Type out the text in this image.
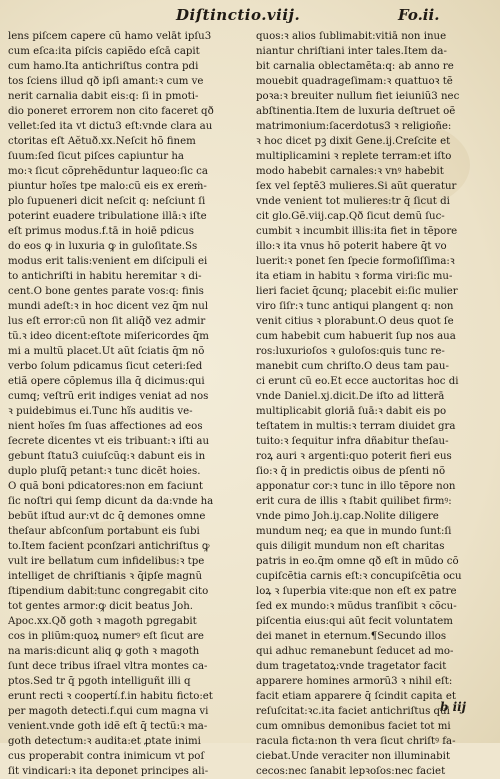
Diſtinctio.viij.	Fo.ii.
lens piſcem capere cũ hamo velāt ipſu3
cum eſca:ita piſcis capiẽdo eſcā capit
cum hamo.Ita antichriſtus contra pdi
tos ſciens illud qð ipſi amant:ꝛ cum ve
nerit carnalia dabit eis:q: ſi in pmoti-
dio poneret errorem non cito faceret qð
vellet:ſed ita vt dictu3 eſt:vnde clara au
ctoritas eſt Aĕtuð.xx.Neſcit hõ finem
ſuum:ſed ſicut piſces capiuntur ha
mo:ꝛ ſicut cõprehẽduntur laqueo:ſic ca
piuntur hoĩes tpe malo:cũ eis ex ereṁ-
plo ſupueneri dicit neſcit q: neſciunt ſi
poterint euadere tribulatione illā:ꝛ iſte
eſt primus modus.f.tā in hoiē pdicus
do eos ꝙ in luxuria ꝙ in guloſitate.Ss
modus erit talis:venient em diſcipuli ei
to antichriſti in habitu heremitar ꝛ di-
cent.O bone gentes parate vos:q: finis
mundi adeſt:ꝛ in hoc dicent vez q̄m nul
lus eſt error:cũ non ſit aliq̄ð vez admir
tũ.ꝛ ideo dicent:eſtote miſericordes q̄m
mi a multũ placet.Ut aũt ſciatis q̄m nõ
verbo ſolum pdicamus ſicut ceteri:ſed
etiã opere cõplemus illa q̄ dicimus:qui
cumq; veſtrũ erit indiges veniat ad nos
ꝛ puidebimus ei.Tunc hĩs auditis ve-
nient hoĩes ſm ſuas affectiones ad eos
ſecrete dicentes vt eis tribuant:ꝛ iſti au
gebunt ſtatu3 cuiuſcũq:ꝛ dabunt eis in
duplo pluſq̄ petant:ꝛ tunc dicẽt hoies.
O quã boni pdicatores:non em faciunt
ſic noſtri qui ſemp dicunt da da:vnde ha
bebũt iſtud aur:vt dc q̄ demones omne
theſaur abſconſum portabunt eis ſubi
to.Item facient pconſzari antichriſtus ꝙ
vult ire bellatum cum infidelibus:ꝛ tpe
intelliget de chriſtianis ꝛ q̄ipſe magnũ
ſtipendium dabit:tunc congregabit cito
tot gentes armor:ꝙ dicit beatus Joh.
Apoc.xx.Qð goth ꝛ magoth pgregabit
cos in pliũm:quoꝝ numerꝰ eſt ſicut are
na maris:dicunt aliq ꝙ goth ꝛ magoth
ſunt dece tribus iſrael vltra montes ca-
ptos.Sed tr q̄ pgoth intelliguñt illi q
erunt recti ꝛ coopertí.f.in habitu ficto:et
per magoth detecti.f.qui cum magna vi
venient.vnde goth idẽ eſt q̄ tectũ:ꝛ ma-
goth detectum:ꝛ audita:et ꝓtate inimi
cus properabit contra inimicum vt poſ
ſit vindicari:ꝛ ita deponet principes ali-
quos:ꝛ alios ſublimabit:vitiā non inue
niantur chriſtiani inter tales.Item da-
bit carnalia oblectamẽta:q: ab anno re
mouebit quadrageſimam:ꝛ quattuoꝛ tẽ
poꝛa:ꝛ breuiter nullum fiet ieiuniũ3 nec
abſtinentia.Item de luxuria deſtruet oẽ
matrimonium:ſacerdotus3 ꝛ religioñe:
ꝛ hoc dicet pꝫ dixit Gene.ij.Creſcite et
multiplicamini ꝛ replete terram:et iſto
modo habebit carnales:ꝛ vnꝰ habebit
ſex vel ſeptẽ3 mulieres.Si aũt queratur
vnde venient tot mulieres:tr q̄ ſicut di
cit glo.Gẽ.viij.cap.Qð ſicut demũ ſuc-
cumbit ꝛ incumbit illis:ita fiet in tẽpore
illo:ꝛ ita vnus hõ poterit habere q̄t vo
luerit:ꝛ ponet ſen ſpecie formoſiſſima:ꝛ
ita etiam in habitu ꝛ forma viri:ſic mu-
lieri faciet q̄cunq; placebit ei:ſic mulier
viro ſiſr:ꝛ tunc antiqui plangent q: non
venit citius ꝛ plorabunt.O deus quot ſe
cum habebit cum habuerit ſup nos aua
ros:luxurioſos ꝛ guloſos:quis tunc re-
manebit cum chriſto.O deus tam pau-
ci erunt cũ eo.Et ecce auctoritas hoc di
vnde Daniel.xj.dicit.De iſto ad litterā
multiplicabit gloriā ſuā:ꝛ dabit eis po
teſtatem in multis:ꝛ terram diuidet gra
tuito:ꝛ ſequitur infra dñabitur theſau-
roꝝ auri ꝛ argenti:quo poterit fieri eus
ſio:ꝛ q̄ in predictis oibus de pſenti nõ
apponatur cor:ꝛ tunc in illo tẽpore non
erit cura de illis ꝛ ſtabit quilibet firmꝰ:
vnde pimo Joh.iȷ.cap.Nolite diligere
mundum neq; ea que in mundo ſunt:ſi
quis diligit mundum non eſt charitas
patris in eo.q̄m omne qð eſt in mũdo cõ
cupiſcẽtia carnis eſt:ꝛ concupiſcẽtia ocu
loꝝ ꝛ ſuperbia vite:que non eſt ex patre
ſed ex mundo:ꝛ mũdus tranſibit ꝛ cõcu-
piſcentia eius:qui aũt fecit voluntatem
dei manet in eternum.¶Secundo illos
qui adhuc remanebunt ſeducet ad mo-
dum tragetatoꝝ:vnde tragetator facit
apparere homines armorũ3 ꝛ nihil eſt:
facit etiam apparere q̄ ſcindit capita et
reſuſcitat:ꝛc.ita faciet antichriſtus qui
cum omnibus demonibus faciet tot mi
racula ficta:non th vera ſicut chriſtꝰ fa-
ciebat.Unde veraciter non illuminabit
cecos:nec ſanabit lepꝛoſos:nec faciet
b iij
